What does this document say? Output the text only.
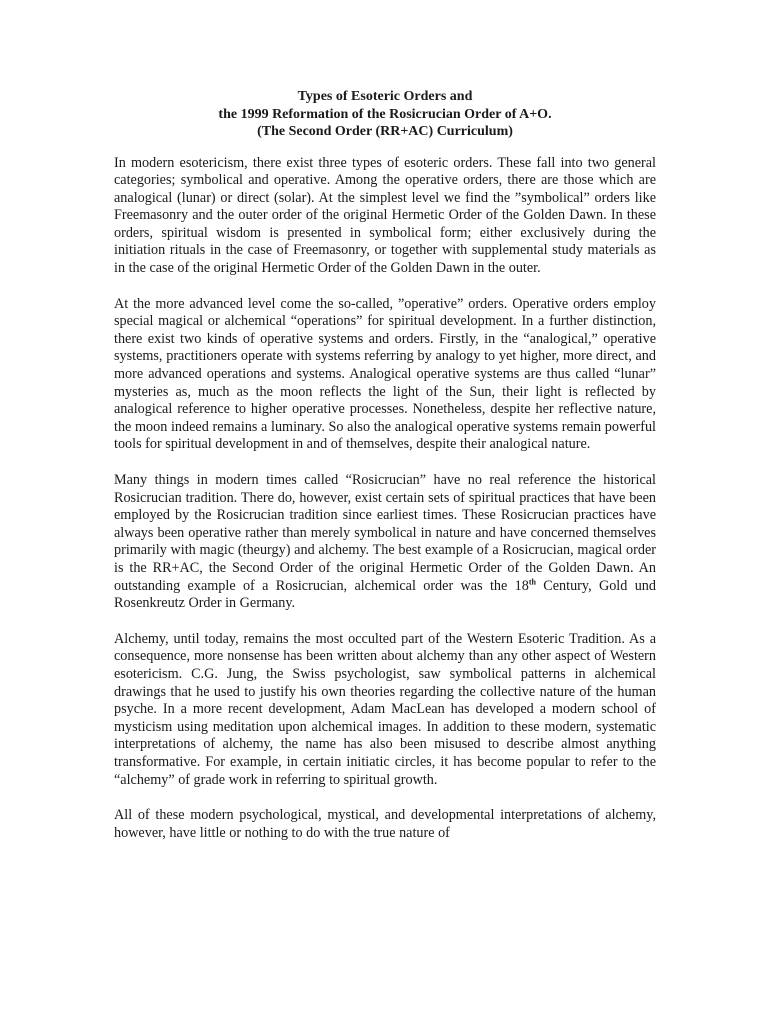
Types of Esoteric Orders and
the 1999 Reformation of the Rosicrucian Order of A+O.
(The Second Order (RR+AC) Curriculum)

In modern esotericism, there exist three types of esoteric orders. These fall into two general categories; symbolical and operative. Among the operative orders, there are those which are analogical (lunar) or direct (solar). At the simplest level we find the ”symbolical” orders like Freemasonry and the outer order of the original Hermetic Order of the Golden Dawn. In these orders, spiritual wisdom is presented in symbolical form; either exclusively during the initiation rituals in the case of Freemasonry, or together with supplemental study materials as in the case of the original Hermetic Order of the Golden Dawn in the outer.

At the more advanced level come the so-called, ”operative” orders. Operative orders employ special magical or alchemical “operations” for spiritual development. In a further distinction, there exist two kinds of operative systems and orders. Firstly, in the “analogical,” operative systems, practitioners operate with systems referring by analogy to yet higher, more direct, and more advanced operations and systems. Analogical operative systems are thus called “lunar” mysteries as, much as the moon reflects the light of the Sun, their light is reflected by analogical reference to higher operative processes. Nonetheless, despite her reflective nature, the moon indeed remains a luminary. So also the analogical operative systems remain powerful tools for spiritual development in and of themselves, despite their analogical nature.

Many things in modern times called “Rosicrucian” have no real reference the historical Rosicrucian tradition. There do, however, exist certain sets of spiritual practices that have been employed by the Rosicrucian tradition since earliest times. These Rosicrucian practices have always been operative rather than merely symbolical in nature and have concerned themselves primarily with magic (theurgy) and alchemy. The best example of a Rosicrucian, magical order is the RR+AC, the Second Order of the original Hermetic Order of the Golden Dawn. An outstanding example of a Rosicrucian, alchemical order was the 18th Century, Gold und Rosenkreutz Order in Germany.

Alchemy, until today, remains the most occulted part of the Western Esoteric Tradition. As a consequence, more nonsense has been written about alchemy than any other aspect of Western esotericism. C.G. Jung, the Swiss psychologist, saw symbolical patterns in alchemical drawings that he used to justify his own theories regarding the collective nature of the human psyche. In a more recent development, Adam MacLean has developed a modern school of mysticism using meditation upon alchemical images. In addition to these modern, systematic interpretations of alchemy, the name has also been misused to describe almost anything transformative. For example, in certain initiatic circles, it has become popular to refer to the “alchemy” of grade work in referring to spiritual growth.

All of these modern psychological, mystical, and developmental interpretations of alchemy, however, have little or nothing to do with the true nature of
